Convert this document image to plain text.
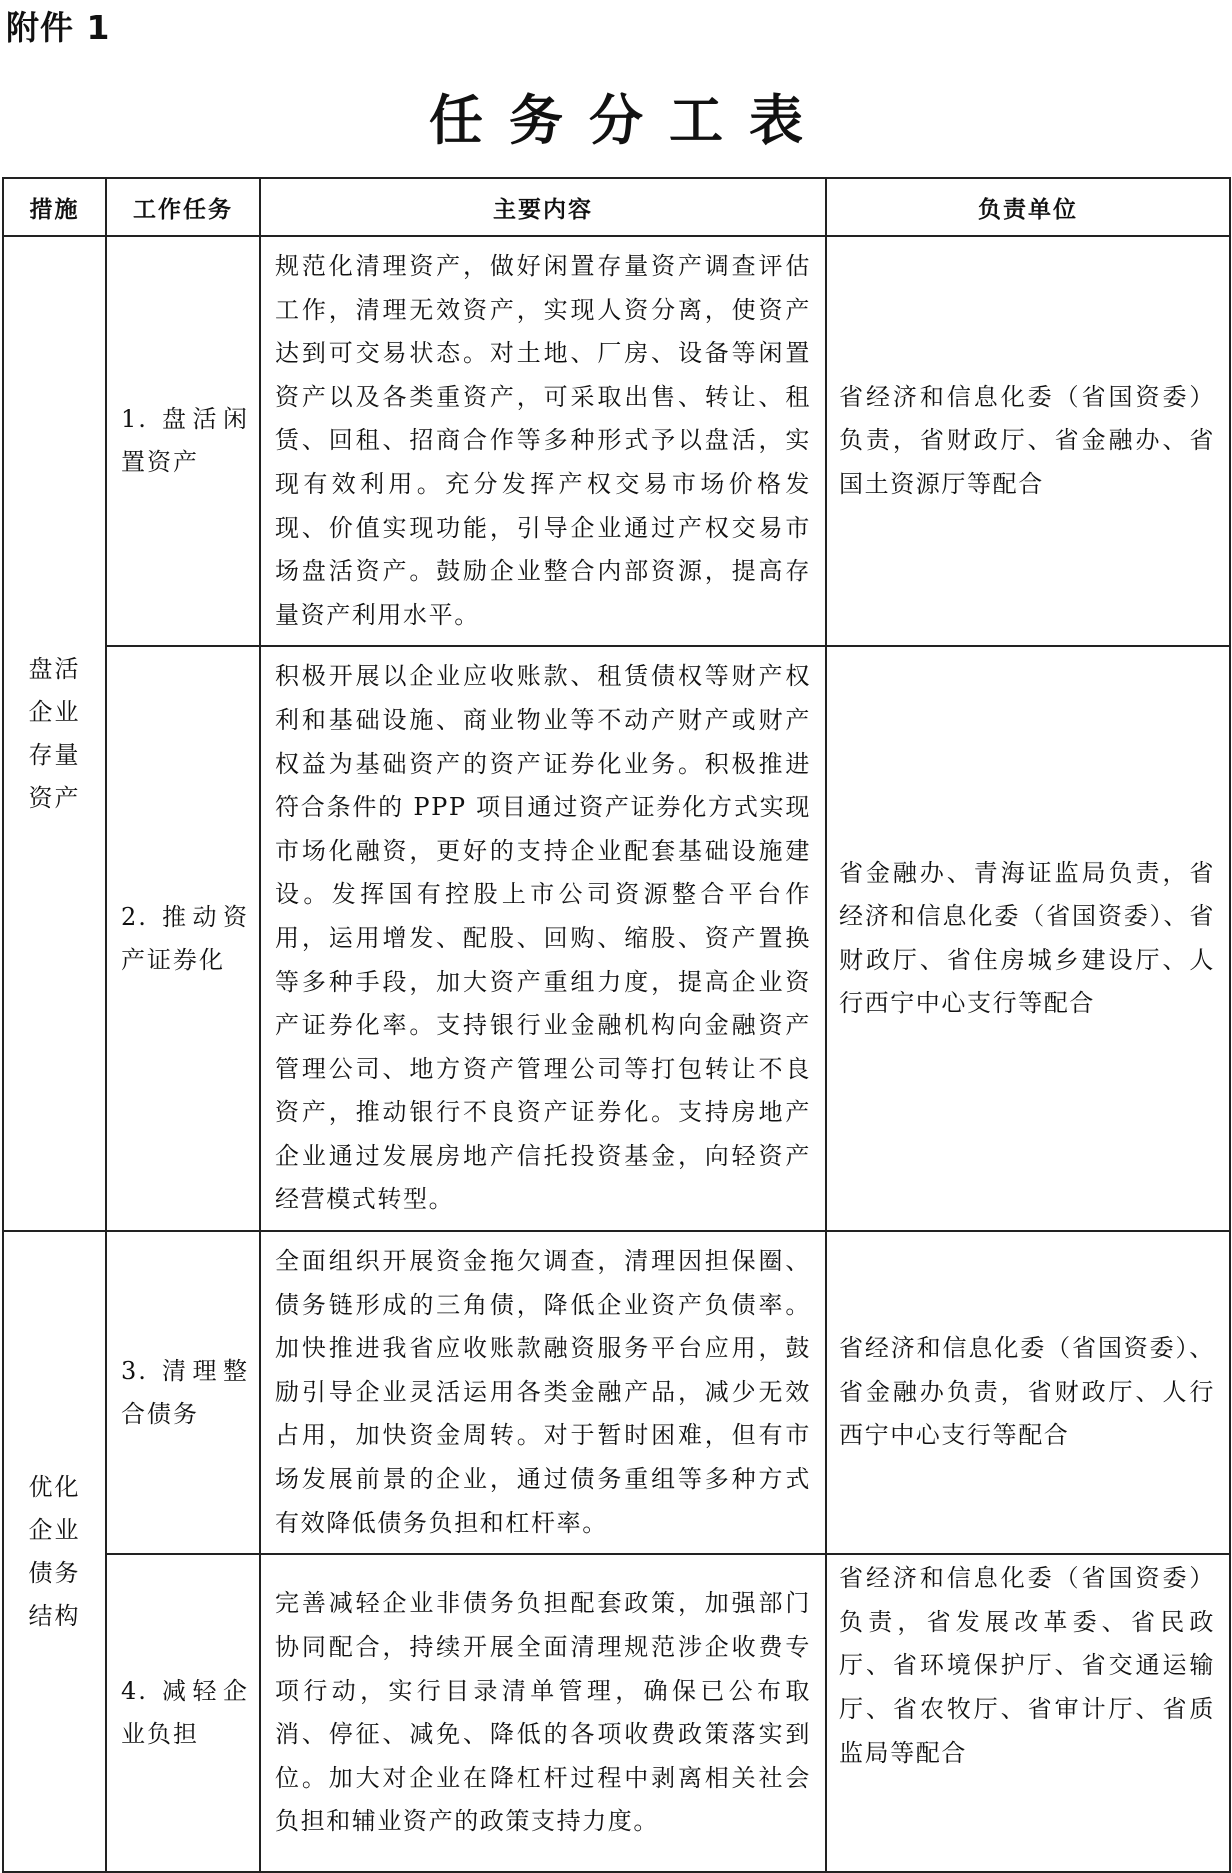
附件 1
任务分工表
措施	工作任务	主要内容	负责单位

盘活
企业
存量
资产	1. 盘活闲置资产	规范化清理资产，做好闲置存量资产调查评估工作，清理无效资产，实现人资分离，使资产达到可交易状态。对土地、厂房、设备等闲置资产以及各类重资产，可采取出售、转让、租赁、回租、招商合作等多种形式予以盘活，实现有效利用。充分发挥产权交易市场价格发现、价值实现功能，引导企业通过产权交易市场盘活资产。鼓励企业整合内部资源，提高存量资产利用水平。	省经济和信息化委（省国资委）负责，省财政厅、省金融办、省国土资源厅等配合
	2. 推动资产证券化	积极开展以企业应收账款、租赁债权等财产权利和基础设施、商业物业等不动产财产或财产权益为基础资产的资产证券化业务。积极推进符合条件的 PPP 项目通过资产证券化方式实现市场化融资，更好的支持企业配套基础设施建设。发挥国有控股上市公司资源整合平台作用，运用增发、配股、回购、缩股、资产置换等多种手段，加大资产重组力度，提高企业资产证券化率。支持银行业金融机构向金融资产管理公司、地方资产管理公司等打包转让不良资产，推动银行不良资产证券化。支持房地产企业通过发展房地产信托投资基金，向轻资产经营模式转型。	省金融办、青海证监局负责，省经济和信息化委（省国资委）、省财政厅、省住房城乡建设厅、人行西宁中心支行等配合

优化
企业
债务
结构	3. 清理整合债务	全面组织开展资金拖欠调查，清理因担保圈、债务链形成的三角债，降低企业资产负债率。加快推进我省应收账款融资服务平台应用，鼓励引导企业灵活运用各类金融产品，减少无效占用，加快资金周转。对于暂时困难，但有市场发展前景的企业，通过债务重组等多种方式有效降低债务负担和杠杆率。	省经济和信息化委（省国资委）、省金融办负责，省财政厅、人行西宁中心支行等配合
	4. 减轻企业负担	完善减轻企业非债务负担配套政策，加强部门协同配合，持续开展全面清理规范涉企收费专项行动，实行目录清单管理，确保已公布取消、停征、减免、降低的各项收费政策落实到位。加大对企业在降杠杆过程中剥离相关社会负担和辅业资产的政策支持力度。	省经济和信息化委（省国资委）负责，省发展改革委、省民政厅、省环境保护厅、省交通运输厅、省农牧厅、省审计厅、省质监局等配合
